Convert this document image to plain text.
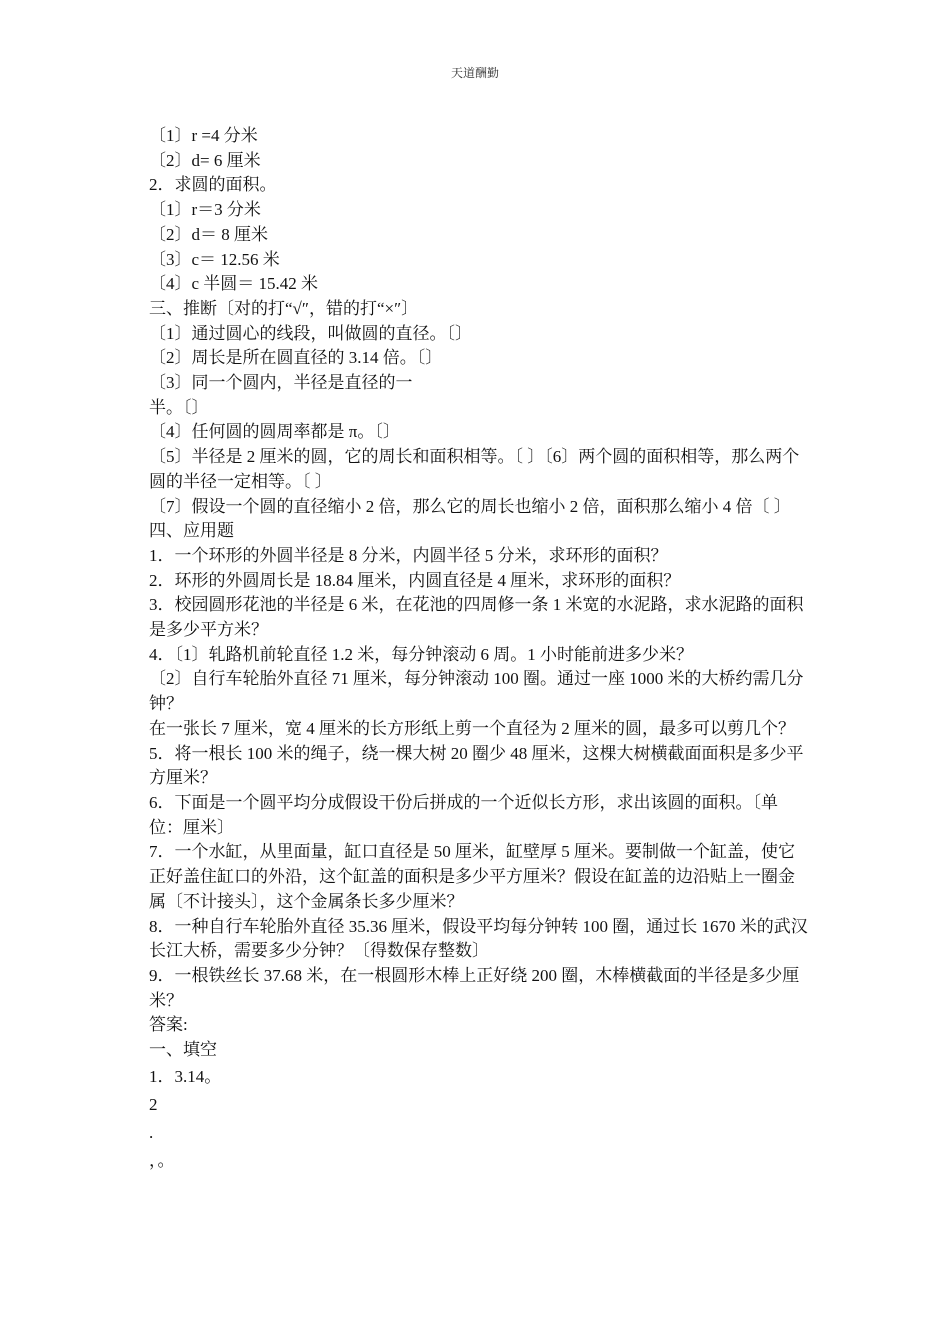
天道酬勤

〔1〕r =4 分米

〔2〕d= 6 厘米

2．求圆的面积。

〔1〕r＝3 分米

〔2〕d＝ 8 厘米

〔3〕c＝ 12.56 米

〔4〕c 半圆＝ 15.42 米

三、推断〔对的打“√″，错的打“×″〕

〔1〕通过圆心的线段，叫做圆的直径。〔〕

〔2〕周长是所在圆直径的 3.14 倍。〔〕

〔3〕同一个圆内，半径是直径的一

半。〔〕

〔4〕任何圆的圆周率都是 π。〔〕

〔5〕半径是 2 厘米的圆，它的周长和面积相等。〔 〕〔6〕两个圆的面积相等，那么两个圆的半径一定相等。〔 〕

〔7〕假设一个圆的直径缩小 2 倍，那么它的周长也缩小 2 倍，面积那么缩小 4 倍〔 〕

四、应用题

1．一个环形的外圆半径是 8 分米，内圆半径 5 分米，求环形的面积？

2．环形的外圆周长是 18.84 厘米，内圆直径是 4 厘米，求环形的面积？

3．校园圆形花池的半径是 6 米，在花池的四周修一条 1 米宽的水泥路，求水泥路的面积是多少平方米？

4．〔1〕轧路机前轮直径 1.2 米，每分钟滚动 6 周。1 小时能前进多少米？

〔2〕自行车轮胎外直径 71 厘米，每分钟滚动 100 圈。通过一座 1000 米的大桥约需几分钟？

在一张长 7 厘米，宽 4 厘米的长方形纸上剪一个直径为 2 厘米的圆，最多可以剪几个？

5．将一根长 100 米的绳子，绕一棵大树 20 圈少 48 厘米，这棵大树横截面面积是多少平方厘米？

6．下面是一个圆平均分成假设干份后拼成的一个近似长方形，求出该圆的面积。〔单位：厘米〕

7．一个水缸，从里面量，缸口直径是 50 厘米，缸壁厚 5 厘米。要制做一个缸盖，使它正好盖住缸口的外沿，这个缸盖的面积是多少平方厘米？假设在缸盖的边沿贴上一圈金属〔不计接头〕，这个金属条长多少厘米？

8．一种自行车轮胎外直径 35.36 厘米，假设平均每分钟转 100 圈，通过长 1670 米的武汉长江大桥，需要多少分钟？〔得数保存整数〕

9．一根铁丝长 37.68 米，在一根圆形木棒上正好绕 200 圈，木棒横截面的半径是多少厘米？

答案:

一、填空

1．3.14。

2

.

，。
